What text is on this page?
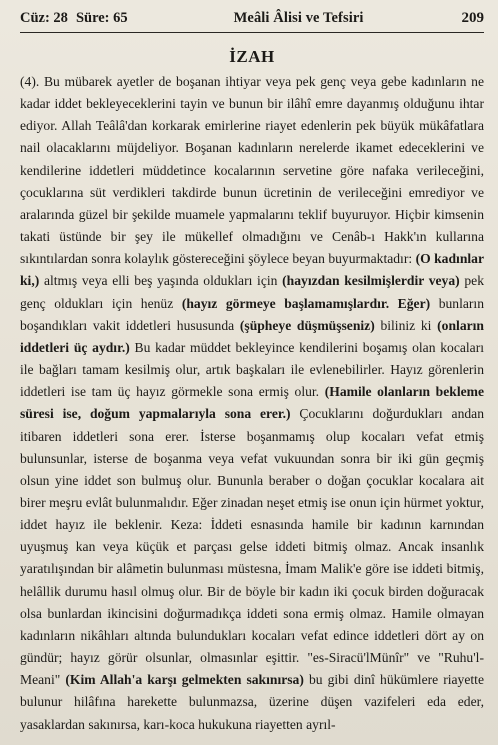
Cüz: 28 Süre: 65	Meâli Âlisi ve Tefsiri	209
İZAH

(4). Bu mübarek ayetler de boşanan ihtiyar veya pek genç veya gebe kadınların ne kadar iddet bekleyeceklerini tayin ve bunun bir ilâhî emre dayanmış olduğunu ihtar ediyor. Allah Teâlâ'dan korkarak emirlerine riayet edenlerin pek büyük mükâfatlara nail olacaklarını müjdeliyor. Boşanan kadınların nerelerde ikamet edeceklerini ve kendilerine iddetleri müddetince kocalarının servetine göre nafaka verileceğini, çocuklarına süt verdikleri takdirde bunun ücretinin de verileceğini emrediyor ve aralarında güzel bir şekilde muamele yapmalarını teklif buyuruyor. Hiçbir kimsenin takati üstünde bir şey ile mükellef olmadığını ve Cenâb-ı Hakk'ın kullarına sıkıntılardan sonra kolaylık göstereceğini şöylece beyan buyurmaktadır: (O kadınlar ki,) altmış veya elli beş yaşında oldukları için (hayızdan kesilmişlerdir veya) pek genç oldukları için henüz (hayız görmeye başlamamışlardır. Eğer) bunların boşandıkları vakit iddetleri hususunda (şüpheye düşmüşseniz) biliniz ki (onların iddetleri üç aydır.) Bu kadar müddet bekleyince kendilerini boşamış olan kocaları ile bağları tamam kesilmiş olur, artık başkaları ile evlenebilirler. Hayız görenlerin iddetleri ise tam üç hayız görmekle sona ermiş olur. (Hamile olanların bekleme süresi ise, doğum yapmalarıyla sona erer.) Çocuklarını doğurdukları andan itibaren iddetleri sona erer. İsterse boşanmamış olup kocaları vefat etmiş bulunsunlar, isterse de boşanma veya vefat vukuundan sonra bir iki gün geçmiş olsun yine iddet son bulmuş olur. Bununla beraber o doğan çocuklar kocalara ait birer meşru evlât bulunmalıdır. Eğer zinadan neşet etmiş ise onun için hürmet yoktur, iddet hayız ile beklenir. Keza: İddeti esnasında hamile bir kadının karnından uyuşmuş kan veya küçük et parçası gelse iddeti bitmiş olmaz. Ancak insanlık yaratılışından bir alâmetin bulunması müstesna, İmam Malik'e göre ise iddeti bitmiş, helâllik durumu hasıl olmuş olur. Bir de böyle bir kadın iki çocuk birden doğuracak olsa bunlardan ikincisini doğurmadıkça iddeti sona ermiş olmaz. Hamile olmayan kadınların nikâhları altında bulundukları kocaları vefat edince iddetleri dört ay on gündür; hayız görür olsunlar, olmasınlar eşittir. "es-Siracü'lMünîr" ve "Ruhu'l-Meani" (Kim Allah'a karşı gelmekten sakınırsa) bu gibi dinî hükümlere riayette bulunur hilâfına harekette bulunmazsa, üzerine düşen vazifeleri eda eder, yasaklardan sakınırsa, karı-koca hukukuna riayetten ayrıl-
